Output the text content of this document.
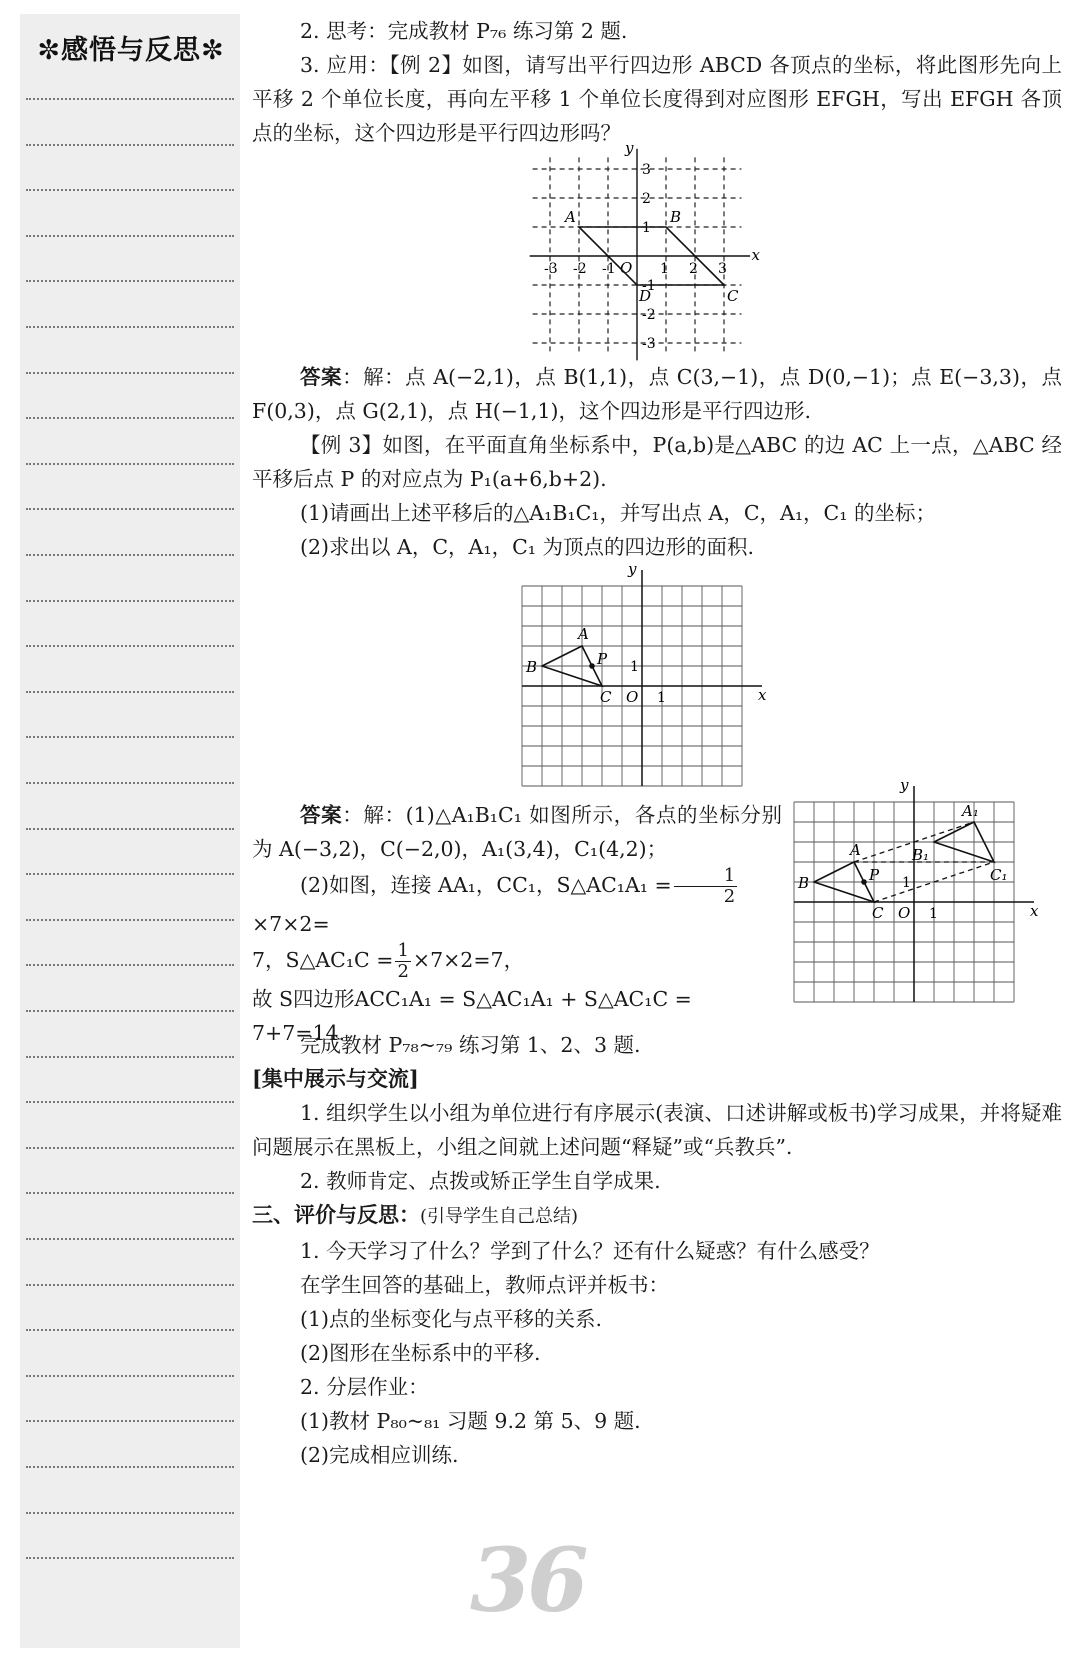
✼感悟与反思✼
36

2. 思考：完成教材 P₇₆ 练习第 2 题.

3. 应用：【例 2】如图，请写出平行四边形 ABCD 各顶点的坐标，将此图形先向上平移 2 个单位长度，再向左平移 1 个单位长度得到对应图形 EFGH，写出 EFGH 各顶点的坐标，这个四边形是平行四边形吗？

x
y
O
-3 -2 -1	1 2 3
3
2
1
-1
-2
-3
A	B
C
D

答案：解：点 A(−2,1)，点 B(1,1)，点 C(3,−1)，点 D(0,−1)；点 E(−3,3)，点 F(0,3)，点 G(2,1)，点 H(−1,1)，这个四边形是平行四边形.

【例 3】如图，在平面直角坐标系中，P(a,b)是△ABC 的边 AC 上一点，△ABC 经平移后点 P 的对应点为 P₁(a+6,b+2).

(1)请画出上述平移后的△A₁B₁C₁，并写出点 A，C，A₁，C₁ 的坐标；

(2)求出以 A，C，A₁，C₁ 为顶点的四边形的面积.

x
y
O 1
1
A
B
C
P

答案：解：(1)△A₁B₁C₁ 如图所示，各点的坐标分别为 A(−3,2)，C(−2,0)，A₁(3,4)，C₁(4,2)；

(2)如图，连接 AA₁，CC₁，S△AC₁A₁ = $\frac{1}{2}$
×7×2=

7，S△AC₁C = $\frac{1}{2} \times 7\times 2=7$，

故 S四边形ACC₁A₁ = S△AC₁A₁ + S△AC₁C = 7+7=14.

x
y
O 1
1
A
B
C
P
A₁
B₁
C₁

完成教材 P₇₈~₇₉ 练习第 1、2、3 题.

[集中展示与交流]

1. 组织学生以小组为单位进行有序展示(表演、口述讲解或板书)学习成果，并将疑难问题展示在黑板上，小组之间就上述问题“释疑”或“兵教兵”.

2. 教师肯定、点拨或矫正学生自学成果.

三、评价与反思：(引导学生自己总结)

1. 今天学习了什么？学到了什么？还有什么疑惑？有什么感受？

在学生回答的基础上，教师点评并板书：

(1)点的坐标变化与点平移的关系.

(2)图形在坐标系中的平移.

2. 分层作业：

(1)教材 P₈₀~₈₁ 习题 9.2 第 5、9 题.

(2)完成相应训练.
